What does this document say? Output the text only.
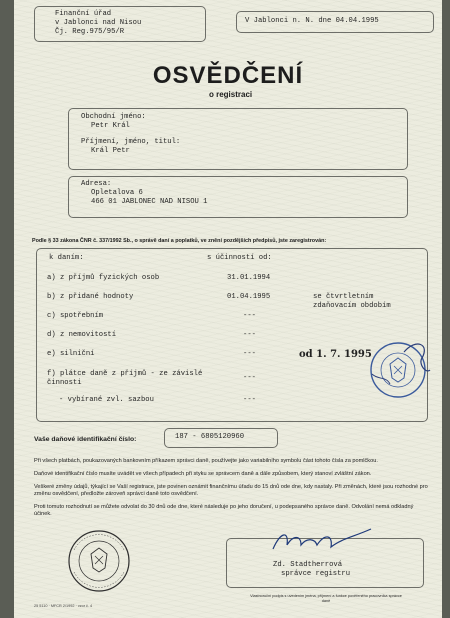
Finanční úřad
v Jablonci nad Nisou
Čj. Reg.975/95/R
V Jablonci n. N. dne 04.04.1995
OSVĚDČENÍ
o registraci
Obchodní jméno:
Petr Král
Příjmení, jméno, titul:
Král Petr
Adresa:
Opletalova 6
466 01 JABLONEC NAD NISOU 1
Podle § 33 zákona ČNR č. 337/1992 Sb., o správě daní a poplatků, ve znění pozdějších předpisů, jste zaregistrován:
k daním:	s účinností od:
a) z příjmů fyzických osob	31.01.1994
b) z přidané hodnoty	01.04.1995	se čtvrtletním zdaňovacím obdobím
c) spotřebním	---
d) z nemovitostí	---
e) silniční	---
f) plátce daně z příjmů - ze závislé činnosti
---
- vybírané zvl. sazbou	---
od 1. 7. 1995
Vaše daňové identifikační číslo:	187 - 6805120960
Při všech platbách, poukazovaných bankovním příkazem správci daně, používejte jako variabilního symbolu část tohoto čísla za pomlčkou.
Daňové identifikační číslo musíte uvádět ve všech případech při styku se správcem daně a dále způsobem, který stanoví zvláštní zákon.
Veškeré změny údajů, týkající se Vaší registrace, jste povinen oznámit finančnímu úřadu do 15 dnů ode dne, kdy nastaly. Při změnách, které jsou rozhodné pro změnu osvědčení, předložte zároveň správci daně toto osvědčení.
Proti tomuto rozhodnutí se můžete odvolat do 30 dnů ode dne, které následuje po jeho doručení, u podepsaného správce daně. Odvolání nemá odkladný účinek.
Zd. Stadtherrová
správce registru
Vlastnoruční podpis s uvedením jména, příjmení a funkce pověřeného pracovníka správce daně
25 5110 · MFCR 2/1992 · vzor č. 4
